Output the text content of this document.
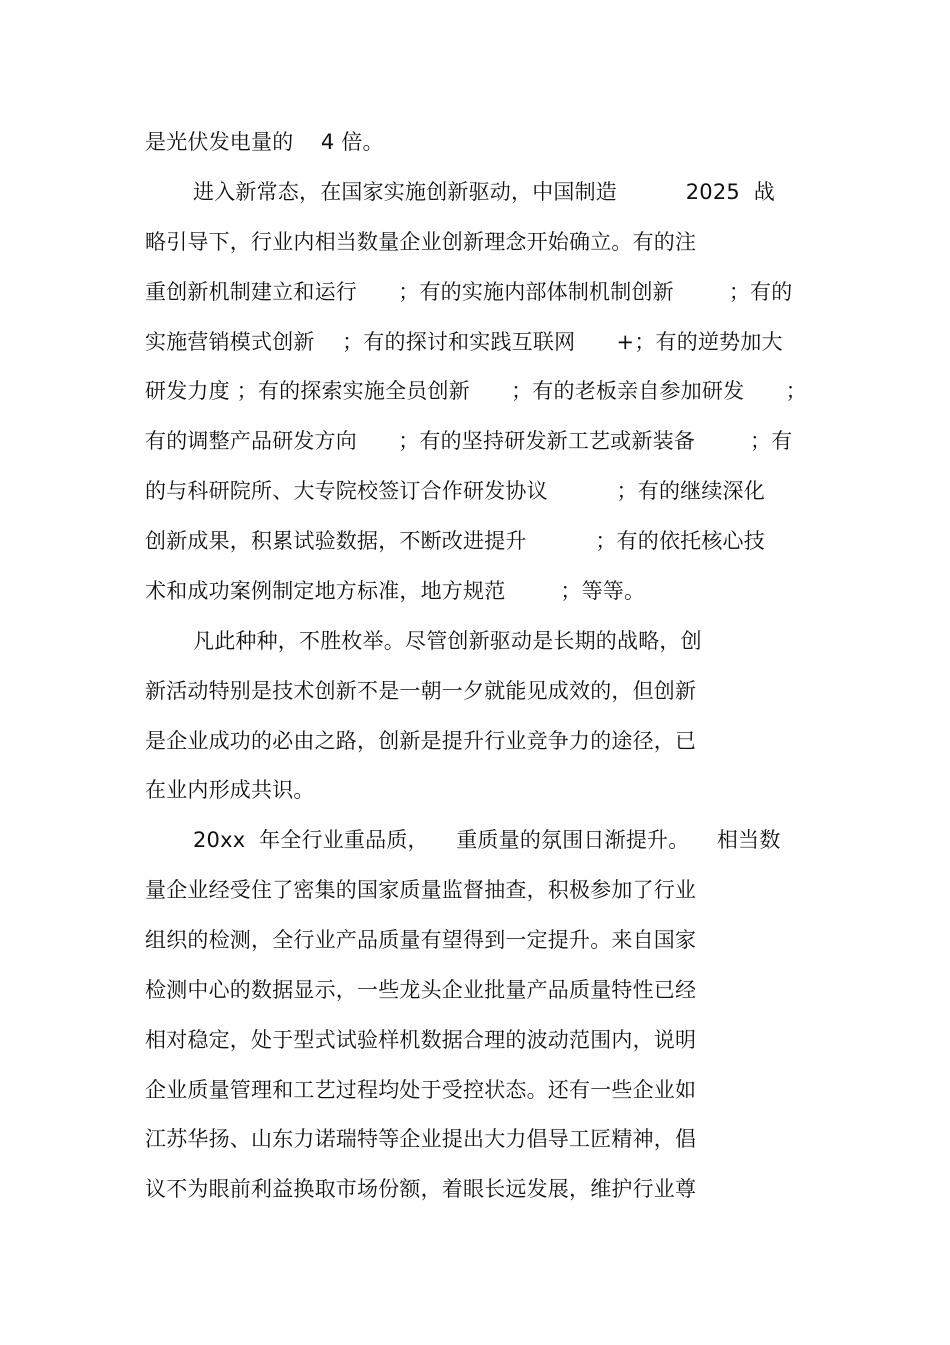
是光伏发电量的    4 倍。
进入新常态，在国家实施创新驱动，中国制造          2025  战
略引导下，行业内相当数量企业创新理念开始确立。有的注
重创新机制建立和运行      ；有的实施内部体制机制创新        ；有的
实施营销模式创新    ；有的探讨和实践互联网      +；有的逆势加大
研发力度 ；有的探索实施全员创新      ；有的老板亲自参加研发      ；
有的调整产品研发方向      ；有的坚持研发新工艺或新装备        ；有
的与科研院所、大专院校签订合作研发协议          ；有的继续深化
创新成果，积累试验数据，不断改进提升          ；有的依托核心技
术和成功案例制定地方标准，地方规范        ；等等。
凡此种种，不胜枚举。尽管创新驱动是长期的战略，创
新活动特别是技术创新不是一朝一夕就能见成效的，但创新
是企业成功的必由之路，创新是提升行业竞争力的途径，已
在业内形成共识。
20xx  年全行业重品质，    重质量的氛围日渐提升。    相当数
量企业经受住了密集的国家质量监督抽查，积极参加了行业
组织的检测，全行业产品质量有望得到一定提升。来自国家
检测中心的数据显示，一些龙头企业批量产品质量特性已经
相对稳定，处于型式试验样机数据合理的波动范围内，说明
企业质量管理和工艺过程均处于受控状态。还有一些企业如
江苏华扬、山东力诺瑞特等企业提出大力倡导工匠精神，倡
议不为眼前利益换取市场份额，着眼长远发展，维护行业尊
